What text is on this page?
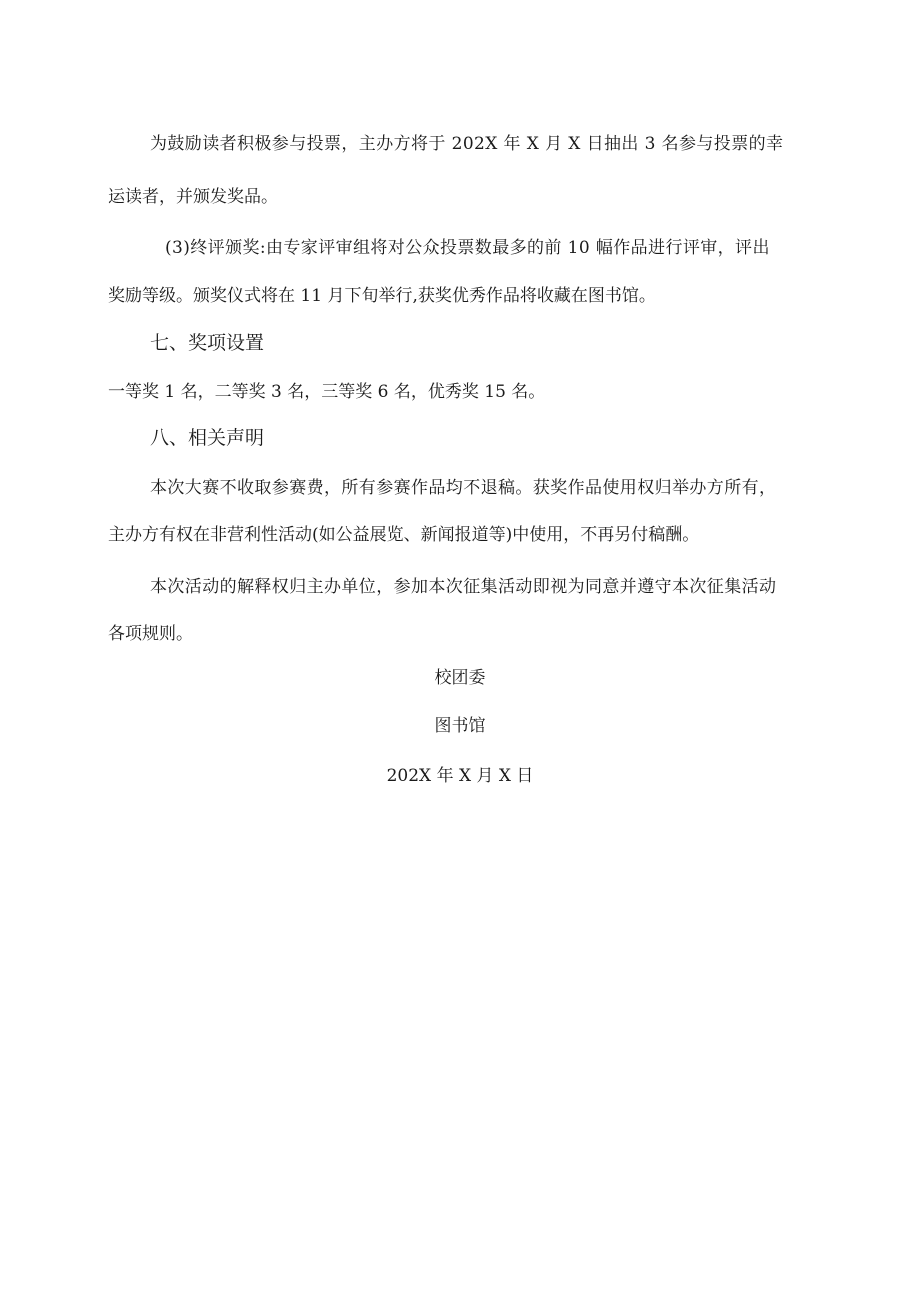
为鼓励读者积极参与投票，主办方将于 202X 年 X 月 X 日抽出 3 名参与投票的幸
运读者，并颁发奖品。
(3)终评颁奖:由专家评审组将对公众投票数最多的前 10 幅作品进行评审，评出
奖励等级。颁奖仪式将在 11 月下旬举行,获奖优秀作品将收藏在图书馆。
七、奖项设置
一等奖 1 名，二等奖 3 名，三等奖 6 名，优秀奖 15 名。
八、相关声明
本次大赛不收取参赛费，所有参赛作品均不退稿。获奖作品使用权归举办方所有，
主办方有权在非营利性活动(如公益展览、新闻报道等)中使用，不再另付稿酬。
本次活动的解释权归主办单位，参加本次征集活动即视为同意并遵守本次征集活动
各项规则。
校团委
图书馆
202X 年 X 月 X 日
